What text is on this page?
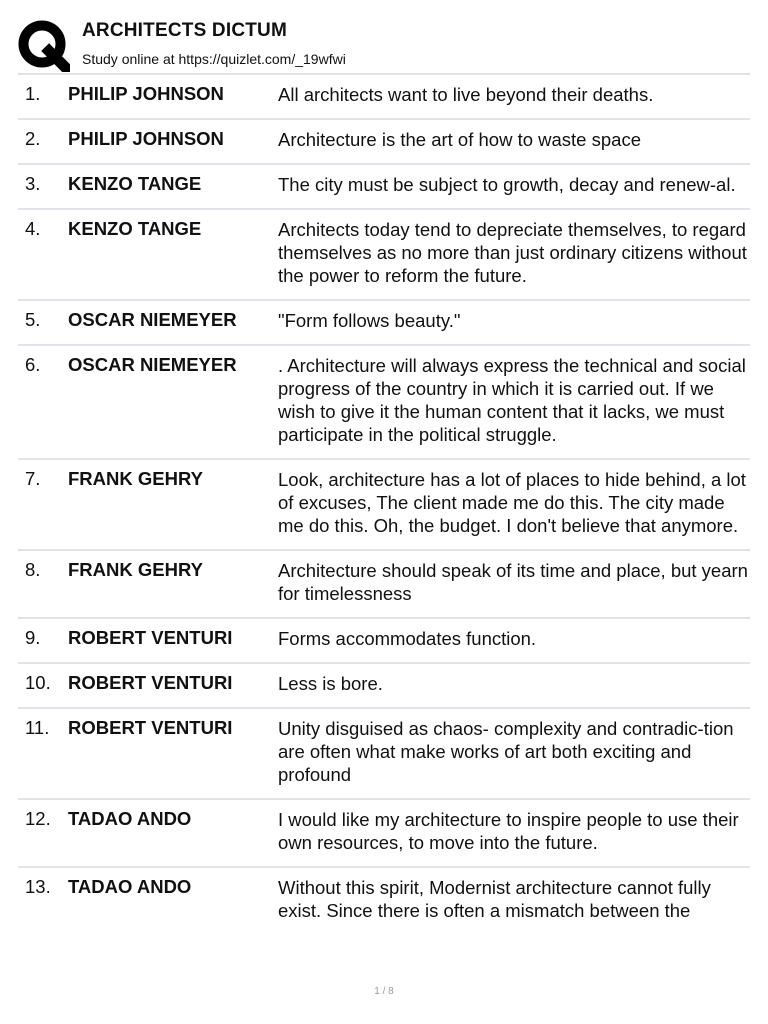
ARCHITECTS DICTUM
Study online at https://quizlet.com/_19wfwi
1.	PHILIP JOHNSON	All architects want to live beyond their deaths.
2.	PHILIP JOHNSON	Architecture is the art of how to waste space
3.	KENZO TANGE	The city must be subject to growth, decay and renew-al.
4.	KENZO TANGE	Architects today tend to depreciate themselves, to regard themselves as no more than just ordinary citizens without the power to reform the future.
5.	OSCAR NIEMEYER	"Form follows beauty."
6.	OSCAR NIEMEYER	. Architecture will always express the technical and social progress of the country in which it is carried out. If we wish to give it the human content that it lacks, we must participate in the political struggle.
7.	FRANK GEHRY	Look, architecture has a lot of places to hide behind, a lot of excuses, The client made me do this. The city made me do this. Oh, the budget. I don't believe that anymore.
8.	FRANK GEHRY	Architecture should speak of its time and place, but yearn for timelessness
9.	ROBERT VENTURI	Forms accommodates function.
10. ROBERT VENTURI	Less is bore.
11.	ROBERT VENTURI	Unity disguised as chaos- complexity and contradic-tion are often what make works of art both exciting and profound
12. TADAO ANDO	I would like my architecture to inspire people to use their own resources, to move into the future.
13. TADAO ANDO	Without this spirit, Modernist architecture cannot fully exist. Since there is often a mismatch between the
1 / 8
